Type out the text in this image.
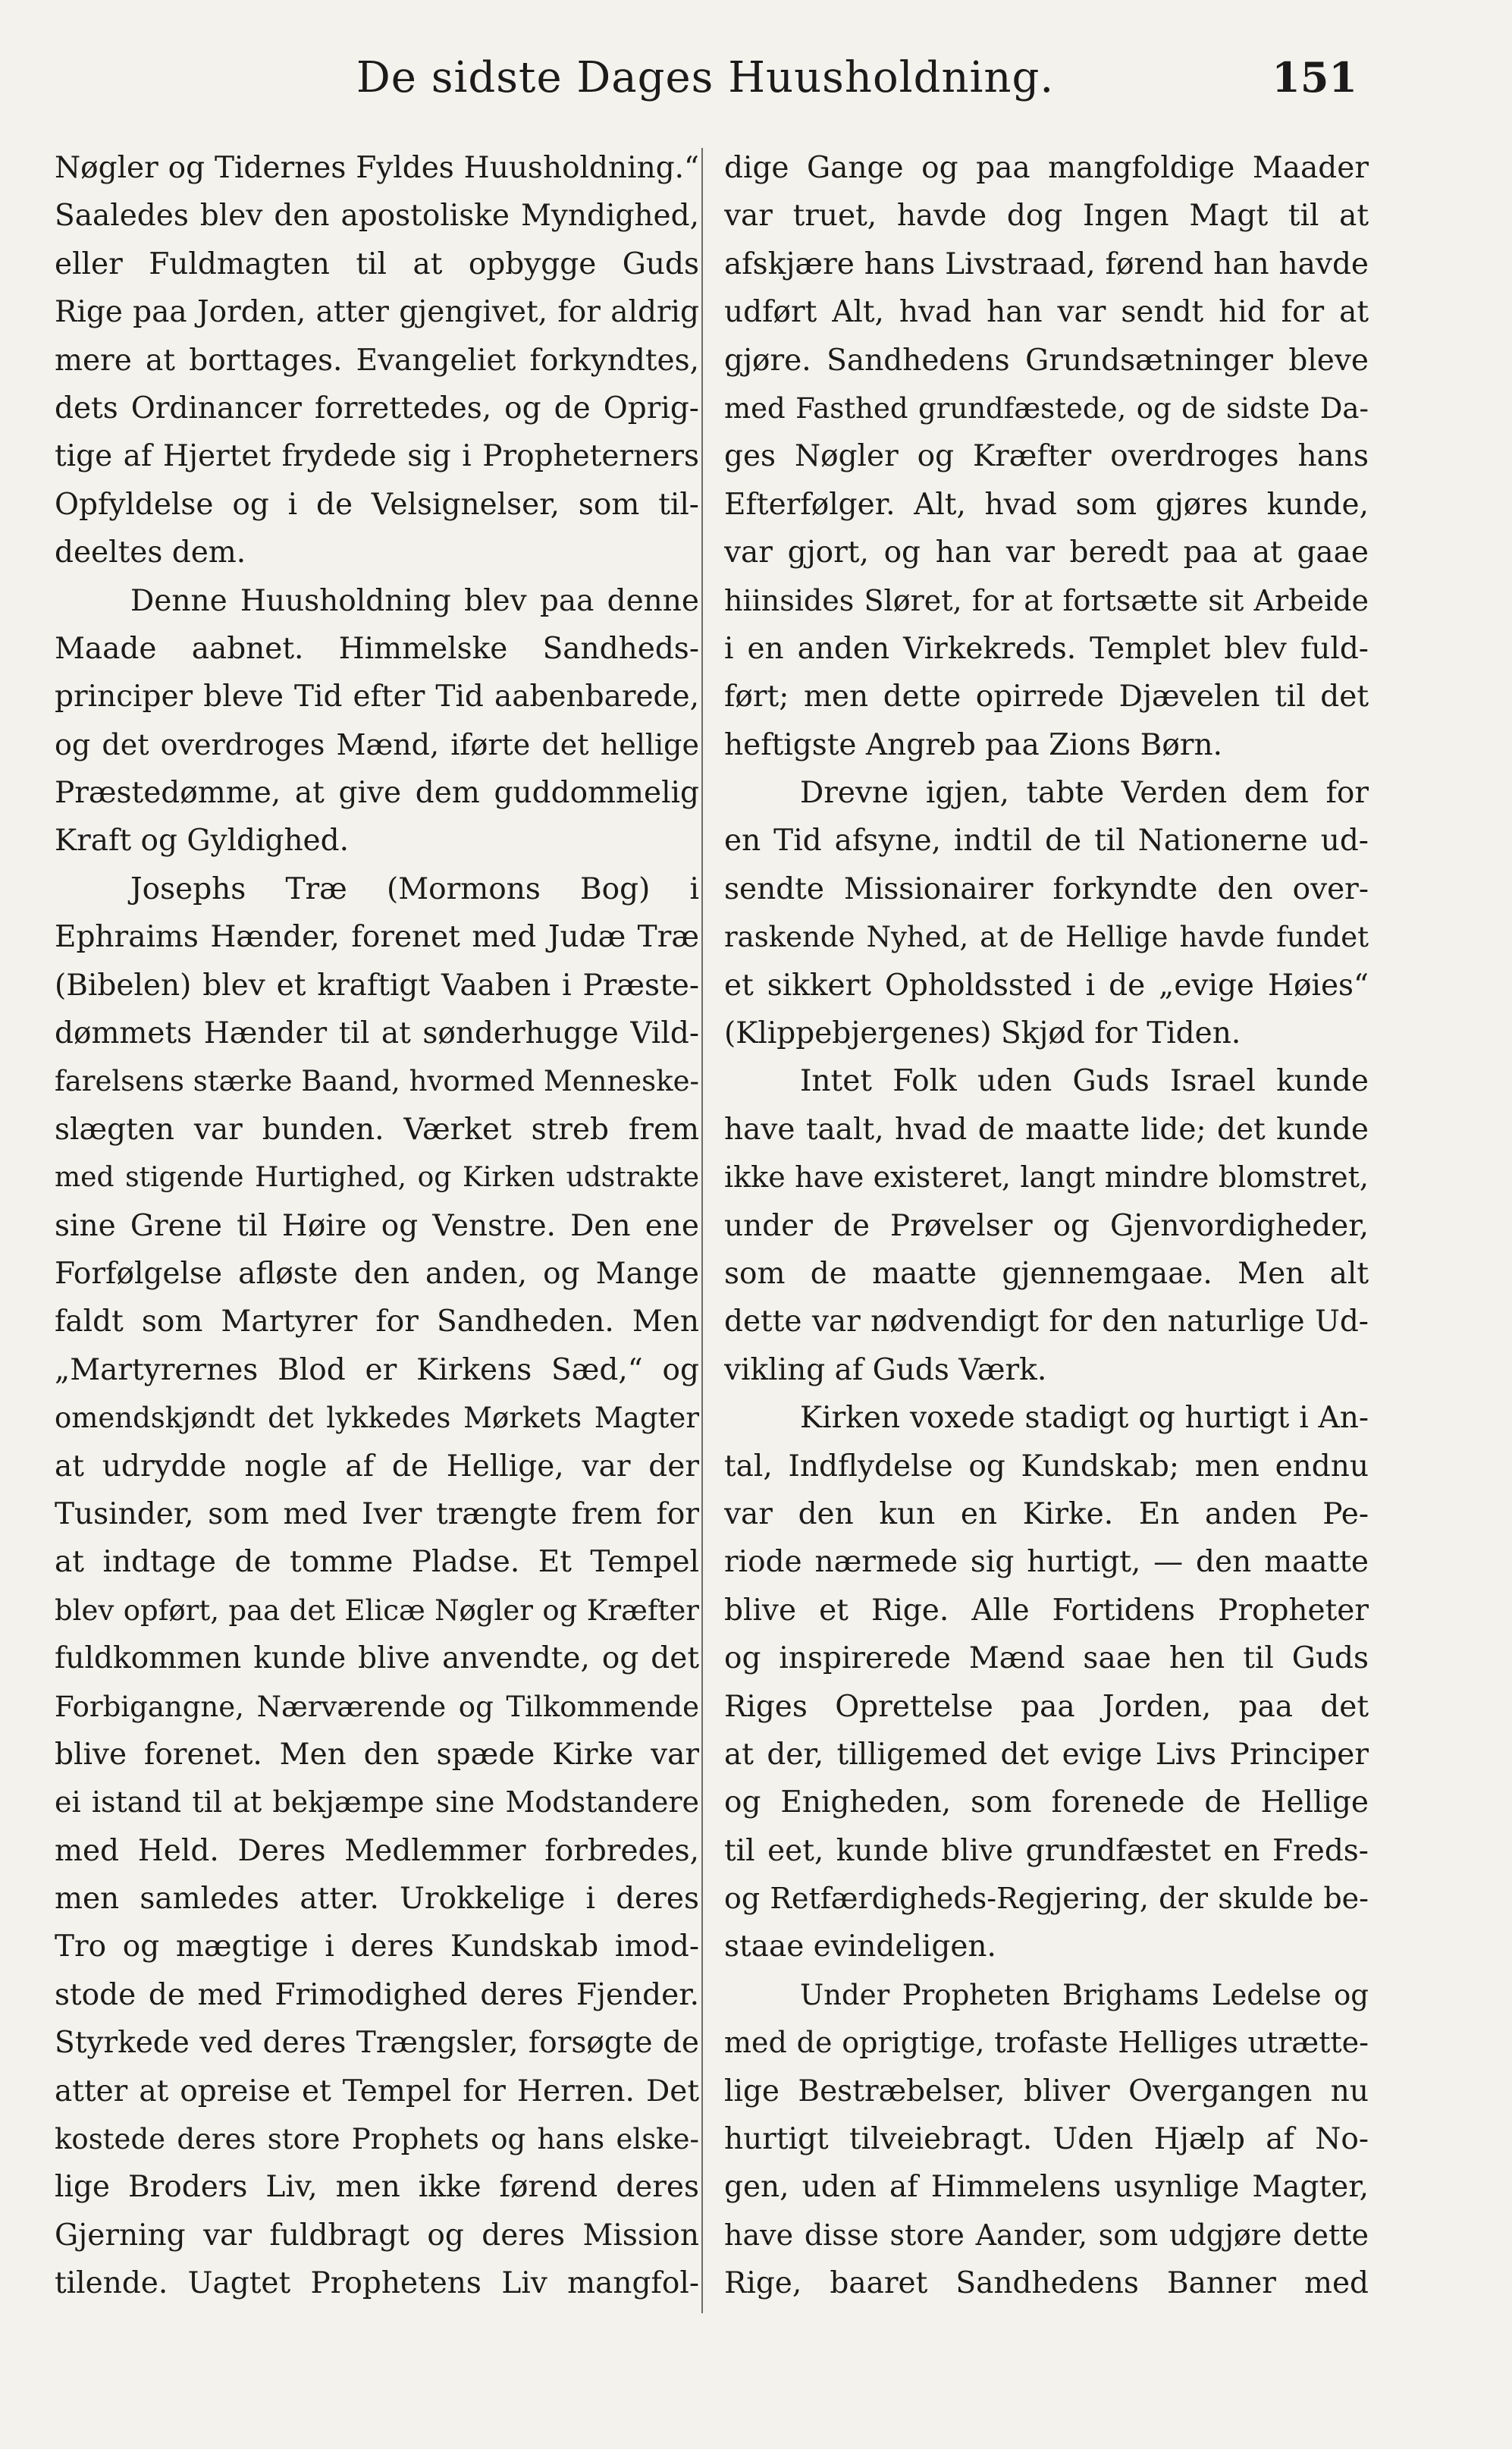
De sidste Dages Huusholdning.	151
Nøgler og Tidernes Fyldes Huusholdning.“
Saaledes blev den apostoliske Myndighed,
eller Fuldmagten til at opbygge Guds
Rige paa Jorden, atter gjengivet, for aldrig
mere at borttages. Evangeliet forkyndtes,
dets Ordinancer forrettedes, og de Oprig-
tige af Hjertet frydede sig i Propheterners
Opfyldelse og i de Velsignelser, som til-
deeltes dem.
Denne Huusholdning blev paa denne
Maade aabnet. Himmelske Sandheds-
principer bleve Tid efter Tid aabenbarede,
og det overdroges Mænd, iførte det hellige
Præstedømme, at give dem guddommelig
Kraft og Gyldighed.
Josephs Træ (Mormons Bog) i
Ephraims Hænder, forenet med Judæ Træ
(Bibelen) blev et kraftigt Vaaben i Præste-
dømmets Hænder til at sønderhugge Vild-
farelsens stærke Baand, hvormed Menneske-
slægten var bunden. Værket streb frem
med stigende Hurtighed, og Kirken udstrakte
sine Grene til Høire og Venstre. Den ene
Forfølgelse afløste den anden, og Mange
faldt som Martyrer for Sandheden. Men
„Martyrernes Blod er Kirkens Sæd,“ og
omendskjøndt det lykkedes Mørkets Magter
at udrydde nogle af de Hellige, var der
Tusinder, som med Iver trængte frem for
at indtage de tomme Pladse. Et Tempel
blev opført, paa det Elicæ Nøgler og Kræfter
fuldkommen kunde blive anvendte, og det
Forbigangne, Nærværende og Tilkommende
blive forenet. Men den spæde Kirke var
ei istand til at bekjæmpe sine Modstandere
med Held. Deres Medlemmer forbredes,
men samledes atter. Urokkelige i deres
Tro og mægtige i deres Kundskab imod-
stode de med Frimodighed deres Fjender.
Styrkede ved deres Trængsler, forsøgte de
atter at opreise et Tempel for Herren. Det
kostede deres store Prophets og hans elske-
lige Broders Liv, men ikke førend deres
Gjerning var fuldbragt og deres Mission
tilende. Uagtet Prophetens Liv mangfol-
dige Gange og paa mangfoldige Maader
var truet, havde dog Ingen Magt til at
afskjære hans Livstraad, førend han havde
udført Alt, hvad han var sendt hid for at
gjøre. Sandhedens Grundsætninger bleve
med Fasthed grundfæstede, og de sidste Da-
ges Nøgler og Kræfter overdroges hans
Efterfølger. Alt, hvad som gjøres kunde,
var gjort, og han var beredt paa at gaae
hiinsides Sløret, for at fortsætte sit Arbeide
i en anden Virkekreds. Templet blev fuld-
ført; men dette opirrede Djævelen til det
heftigste Angreb paa Zions Børn.
Drevne igjen, tabte Verden dem for
en Tid afsyne, indtil de til Nationerne ud-
sendte Missionairer forkyndte den over-
raskende Nyhed, at de Hellige havde fundet
et sikkert Opholdssted i de „evige Høies“
(Klippebjergenes) Skjød for Tiden.
Intet Folk uden Guds Israel kunde
have taalt, hvad de maatte lide; det kunde
ikke have existeret, langt mindre blomstret,
under de Prøvelser og Gjenvordigheder,
som de maatte gjennemgaae. Men alt
dette var nødvendigt for den naturlige Ud-
vikling af Guds Værk.
Kirken voxede stadigt og hurtigt i An-
tal, Indflydelse og Kundskab; men endnu
var den kun en Kirke. En anden Pe-
riode nærmede sig hurtigt, — den maatte
blive et Rige. Alle Fortidens Propheter
og inspirerede Mænd saae hen til Guds
Riges Oprettelse paa Jorden, paa det
at der, tilligemed det evige Livs Principer
og Enigheden, som forenede de Hellige
til eet, kunde blive grundfæstet en Freds-
og Retfærdigheds-Regjering, der skulde be-
staae evindeligen.
Under Propheten Brighams Ledelse og
med de oprigtige, trofaste Helliges utrætte-
lige Bestræbelser, bliver Overgangen nu
hurtigt tilveiebragt. Uden Hjælp af No-
gen, uden af Himmelens usynlige Magter,
have disse store Aander, som udgjøre dette
Rige, baaret Sandhedens Banner med
